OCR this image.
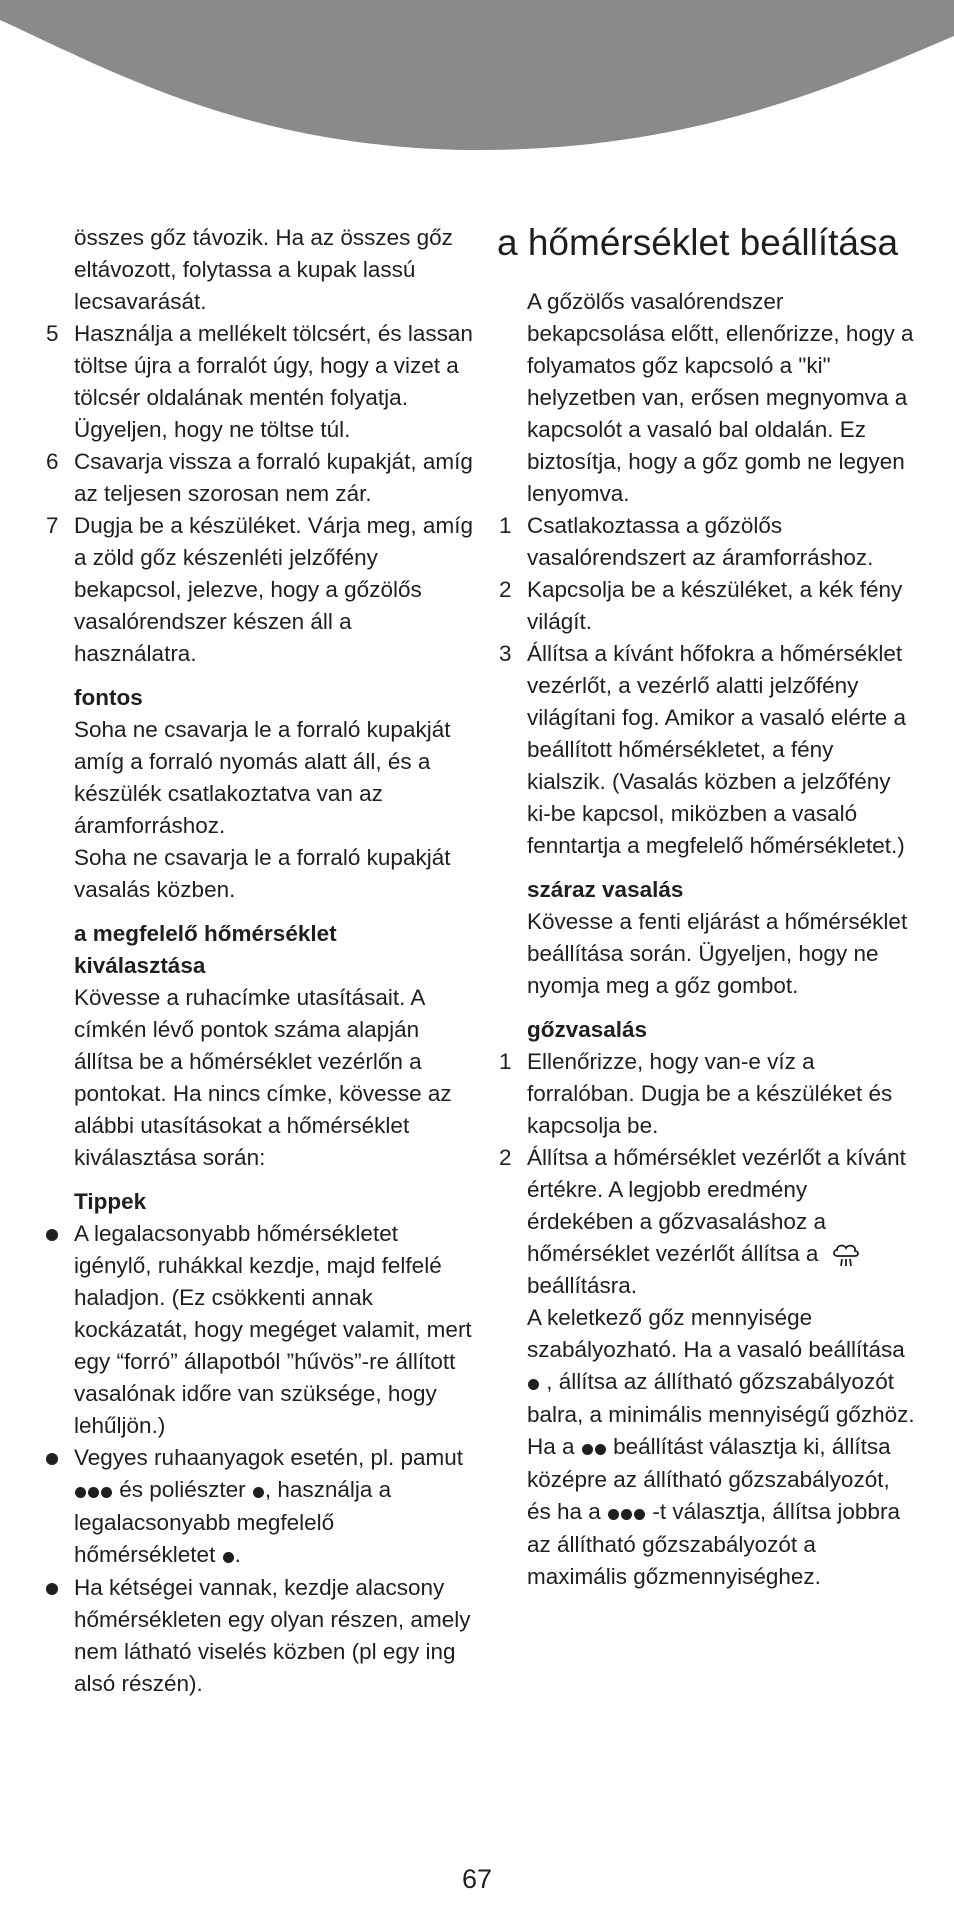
összes gőz távozik. Ha az összes gőz eltávozott, folytassa a kupak lassú lecsavarását.

5 Használja a mellékelt tölcsért, és lassan töltse újra a forralót úgy, hogy a vizet a tölcsér oldalának mentén folyatja. Ügyeljen, hogy ne töltse túl.
6 Csavarja vissza a forraló kupakját, amíg az teljesen szorosan nem zár.
7 Dugja be a készüléket. Várja meg, amíg a zöld gőz készenléti jelzőfény bekapcsol, jelezve, hogy a gőzölős vasalórendszer készen áll a használatra.

fontos

Soha ne csavarja le a forraló kupakját amíg a forraló nyomás alatt áll, és a készülék csatlakoztatva van az áramforráshoz.

Soha ne csavarja le a forraló kupakját vasalás közben.

a megfelelő hőmérséklet kiválasztása

Kövesse a ruhacímke utasításait. A címkén lévő pontok száma alapján állítsa be a hőmérséklet vezérlőn a pontokat. Ha nincs címke, kövesse az alábbi utasításokat a hőmérséklet kiválasztása során:

Tippek

A legalacsonyabb hőmérsékletet igénylő, ruhákkal kezdje, majd felfelé haladjon. (Ez csökkenti annak kockázatát, hogy megéget valamit, mert egy “forró” állapotból ”hűvös”-re állított vasalónak időre van szüksége, hogy lehűljön.)
Vegyes ruhaanyagok esetén, pl. pamut  és poliészter , használja a legalacsonyabb megfelelő hőmérsékletet .
Ha kétségei vannak, kezdje alacsony hőmérsékleten egy olyan részen, amely nem látható viselés közben (pl egy ing alsó részén).
a hőmérséklet beállítása

A gőzölős vasalórendszer bekapcsolása előtt, ellenőrizze, hogy a folyamatos gőz kapcsoló a "ki" helyzetben van, erősen megnyomva a kapcsolót a vasaló bal oldalán. Ez biztosítja, hogy a gőz gomb ne legyen lenyomva.

1 Csatlakoztassa a gőzölős vasalórendszert az áramforráshoz.
2 Kapcsolja be a készüléket, a kék fény világít.
3 Állítsa a kívánt hőfokra a hőmérséklet vezérlőt, a vezérlő alatti jelzőfény világítani fog. Amikor a vasaló elérte a beállított hőmérsékletet, a fény kialszik. (Vasalás közben a jelzőfény ki-be kapcsol, miközben a vasaló fenntartja a megfelelő hőmérsékletet.)

száraz vasalás

Kövesse a fenti eljárást a hőmérséklet beállítása során. Ügyeljen, hogy ne nyomja meg a gőz gombot.

gőzvasalás

1 Ellenőrizze, hogy van-e víz a forralóban. Dugja be a készüléket és kapcsolja be.
2 Állítsa a hőmérséklet vezérlőt a kívánt értékre. A legjobb eredmény érdekében a gőzvasaláshoz a hőmérséklet vezérlőt állítsa a  beállításra.
A keletkező gőz mennyisége szabályozható. Ha a vasaló beállítása  , állítsa az állítható gőzszabályozót balra, a minimális mennyiségű gőzhöz. Ha a beállítást választja ki, állítsa középre az állítható gőzszabályozót, és ha a -t választja, állítsa jobbra az állítható gőzszabályozót a maximális gőzmennyiséghez.
67
